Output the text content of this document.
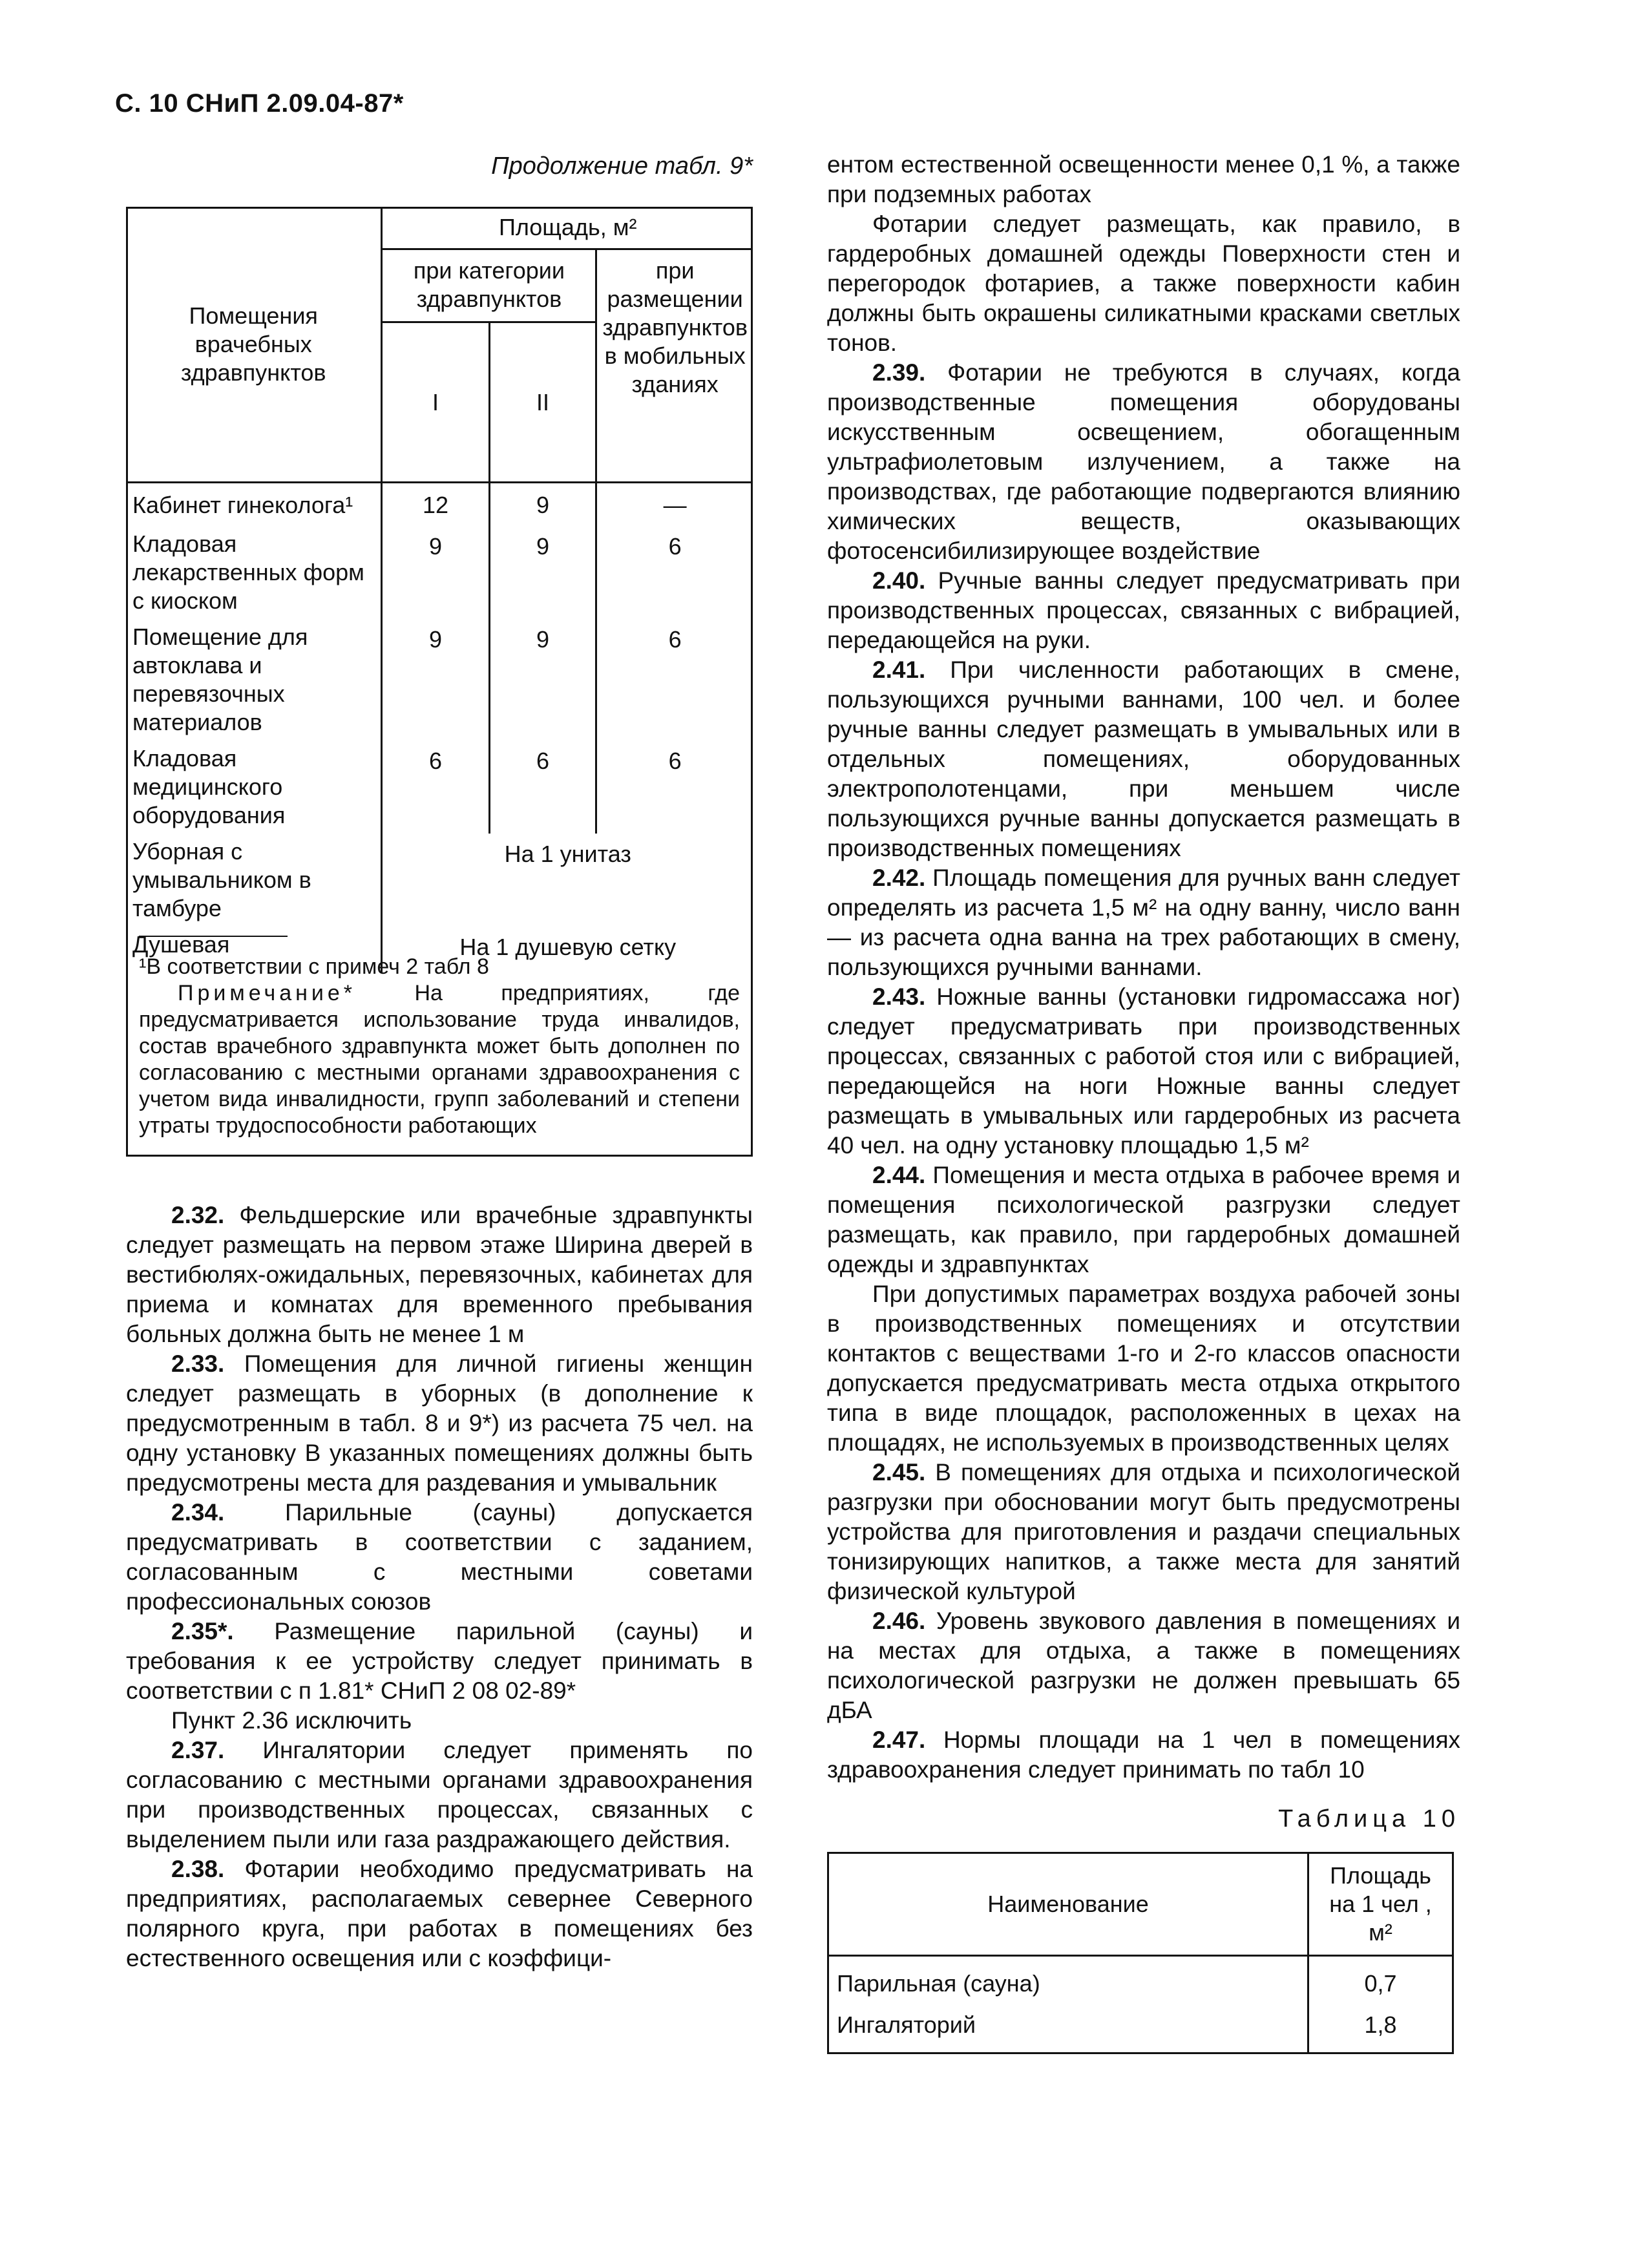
С. 10 СНиП 2.09.04-87*
Продолжение табл. 9*
Помещения врачебных здравпунктов	Площадь, м²		
	при категории здравпунктов		при размещении здравпунктов в мобильных зданиях
	I	II	
Кабинет гинеколога¹	12	9	—
Кладовая лекарственных форм с киоском	9	9	6
Помещение для автоклава и перевязочных материалов	9	9	6
Кладовая медицинского оборудования	6	6	6
Уборная с умывальником в тамбуре	На 1 унитаз		
Душевая	На 1 душевую сетку		

¹В соответствии с примеч 2 табл 8

Примечание*	На предприятиях, где предусматривается использование труда инвалидов, состав врачебного здравпункта может быть дополнен по согласованию с местными органами здравоохранения с учетом вида инвалидности, групп заболеваний и степени утраты трудоспособности работающих

2.32. Фельдшерские или врачебные здравпункты следует размещать на первом этаже Ширина дверей в вестибюлях-ожидальных, перевязочных, кабинетах для приема и комнатах для временного пребывания больных должна быть не менее 1 м

2.33. Помещения для личной гигиены женщин следует размещать в уборных (в дополнение к предусмотренным в табл. 8 и 9*) из расчета 75 чел. на одну установку В указанных помещениях должны быть предусмотрены места для раздевания и умывальник

2.34.	Парильные (сауны) допускается предусматривать в соответствии с заданием, согласованным с местными советами профессиональных союзов

2.35*. Размещение парильной (сауны) и требования к ее устройству следует принимать в соответствии с п 1.81* СНиП 2 08 02-89*

Пункт 2.36 исключить

2.37. Ингалятории следует применять по согласованию с местными органами здравоохранения при производственных процессах, связанных с выделением пыли или газа раздражающего действия.

2.38. Фотарии необходимо предусматривать на предприятиях, располагаемых севернее Северного полярного круга, при работах в помещениях без естественного освещения или с коэффици-

ентом естественной освещенности менее 0,1 %, а также при подземных работах

Фотарии следует размещать, как правило, в гардеробных домашней одежды Поверхности стен и перегородок фотариев, а также поверхности кабин должны быть окрашены силикатными красками светлых тонов.

2.39. Фотарии не требуются в случаях, когда производственные помещения оборудованы искусственным освещением, обогащенным ультрафиолетовым излучением, а также на производствах, где работающие подвергаются влиянию химических веществ, оказывающих фотосенсибилизирующее воздействие

2.40. Ручные ванны следует предусматривать при производственных процессах, связанных с вибрацией, передающейся на руки.

2.41. При численности работающих в смене, пользующихся ручными ваннами, 100 чел. и более ручные ванны следует размещать в умывальных или в отдельных помещениях, оборудованных электрополотенцами, при меньшем числе пользующихся ручные ванны допускается размещать в производственных помещениях

2.42. Площадь помещения для ручных ванн следует определять из расчета 1,5 м² на одну ванну, число ванн — из расчета одна ванна на трех работающих в смену, пользующихся ручными ваннами.

2.43. Ножные ванны (установки гидромассажа ног) следует предусматривать при производственных процессах, связанных с работой стоя или с вибрацией, передающейся на ноги Ножные ванны следует размещать в умывальных или гардеробных из расчета 40 чел. на одну установку площадью 1,5 м²

2.44. Помещения и места отдыха в рабочее время и помещения психологической разгрузки следует размещать, как правило, при гардеробных домашней одежды и здравпунктах

При допустимых параметрах воздуха рабочей зоны в производственных помещениях и отсутствии контактов с веществами 1-го и 2-го классов опасности допускается предусматривать места отдыха открытого типа в виде площадок, расположенных в цехах на площадях, не используемых в производственных целях

2.45. В помещениях для отдыха и психологической разгрузки при обосновании могут быть предусмотрены устройства для приготовления и раздачи специальных тонизирующих напитков, а также места для занятий физической культурой

2.46. Уровень звукового давления в помещениях и на местах для отдыха, а также в помещениях психологической разгрузки не должен превышать 65 дБА

2.47. Нормы площади на 1 чел в помещениях здравоохранения следует принимать по табл 10

Таблица 10
Наименование	Площадь на 1 чел , м²
Парильная (сауна)	0,7
Ингаляторий	1,8
